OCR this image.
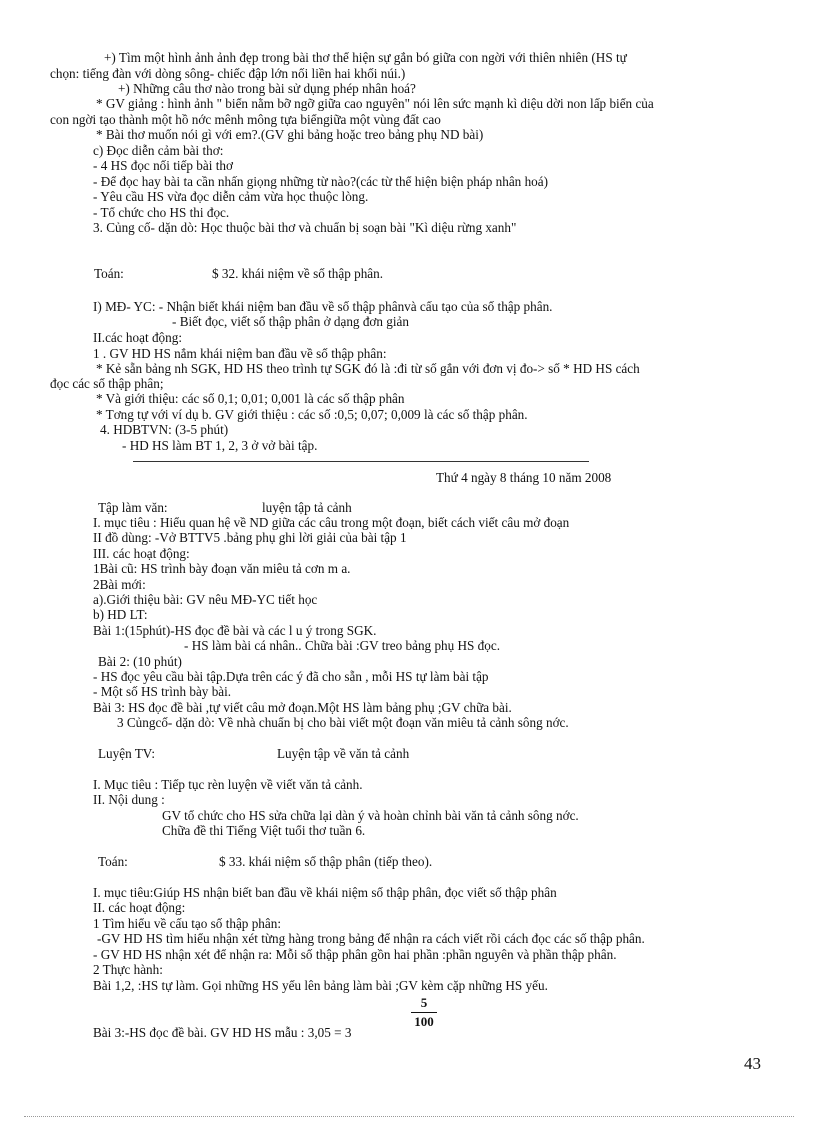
+) Tìm một hình ảnh ảnh đẹp trong bài thơ thể hiện sự gắn bó giữa con ngời với thiên nhiên (HS tự
chọn: tiếng đàn với dòng sông- chiếc đập lớn nối liền hai khối núi.)
+) Những câu thơ nào trong bài sử dụng phép nhân hoá?
* GV giảng : hình ảnh " biển nằm bỡ ngỡ giữa cao nguyên" nói lên sức mạnh kì diệu dời non lấp biển của
con ngời tạo thành một hồ nớc mênh mông tựa biểngiữa một vùng đất cao
* Bài thơ muốn nói gì với em?.(GV ghi bảng hoặc treo bảng phụ ND bài)
c) Đọc diễn cảm bài thơ:
- 4 HS đọc nối tiếp bài thơ
- Để đọc hay bài ta cần nhấn giọng những từ nào?(các từ thể hiện biện pháp nhân hoá)
- Yêu cầu HS vừa đọc diễn cảm vừa học thuộc lòng.
- Tổ chức cho HS thi đọc.
3. Củng cố- dặn dò: Học thuộc bài thơ và chuẩn bị soạn bài "Kì diệu rừng xanh"
Toán:	$ 32. khái niệm về số thập phân.
I) MĐ- YC: - Nhận biết khái niệm ban đầu về số thập phânvà cấu tạo của số thập phân.
- Biết đọc, viết số thập phân ở dạng đơn giản
II.các hoạt động:
1 . GV HD HS nắm khái niệm ban đầu về số thập phân:
* Kẻ sẵn bảng nh SGK, HD HS theo trình tự SGK đó là :đi từ số gắn với đơn vị đo-> số * HD HS cách
đọc các số thập phân;
* Và giới thiệu: các số 0,1; 0,01; 0,001 là các số thập phân
* Tơng tự với ví dụ b. GV giới thiệu : các số :0,5; 0,07; 0,009 là các số thập phân.
4. HDBTVN: (3-5 phút)
- HD HS làm BT 1, 2, 3 ở vở bài tập.
Thứ 4 ngày 8 tháng 10 năm 2008
Tập làm văn:	luyện tập tả cảnh
I. mục tiêu : Hiểu quan hệ về ND giữa các câu trong một đoạn, biết cách viết câu mở đoạn
II đồ dùng: -Vở BTTV5 .bảng phụ ghi lời giải của bài tập 1
III. các hoạt động:
1Bài cũ: HS trình bày đoạn văn miêu tả cơn m a.
2Bài mới:
a).Giới thiệu bài: GV nêu MĐ-YC tiết học
b) HD LT:
Bài 1:(15phút)-HS đọc đề bài và các l u ý trong SGK.
- HS làm bài cá nhân.. Chữa bài :GV treo bảng phụ HS đọc.
Bài 2: (10 phút)
- HS đọc yêu cầu bài tập.Dựa trên các ý đã cho sẵn , mỗi HS tự làm bài tập
- Một số HS trình bày bài.
Bài 3: HS đọc đề bài ,tự viết câu mở đoạn.Một HS làm bảng phụ ;GV chữa bài.
3 Củngcố- dặn dò: Về nhà chuẩn bị cho bài viết một đoạn văn miêu tả cảnh sông nớc.
Luyện TV:	Luyện tập về văn tả cảnh
I. Mục tiêu : Tiếp tục rèn luyện về viết văn tả cảnh.
II. Nội dung :
GV tổ chức cho HS sửa chữa lại dàn ý và hoàn chỉnh bài văn tả cảnh sông nớc.
Chữa đề thi Tiếng Việt tuổi thơ tuần 6.
Toán:	$ 33. khái niệm số thập phân (tiếp theo).
I. mục tiêu:Giúp HS nhận biết ban đầu về khái niệm số thập phân, đọc viết số thập phân
II. các hoạt động:
1 Tìm hiểu về cấu tạo số thập phân:
-GV HD HS tìm hiểu nhận xét từng hàng trong bảng để nhận ra cách viết rồi cách đọc các số thập phân.
- GV HD HS nhận xét để nhận ra: Mỗi số thập phân gồn hai phần :phần nguyên và phần thập phân.
2 Thực hành:
Bài 1,2, :HS tự làm. Gọi những HS yếu lên bảng làm bài ;GV kèm cặp những HS yếu.
Bài 3:-HS đọc đề bài. GV HD HS mẫu : 3,05 = 3
5
100
43
